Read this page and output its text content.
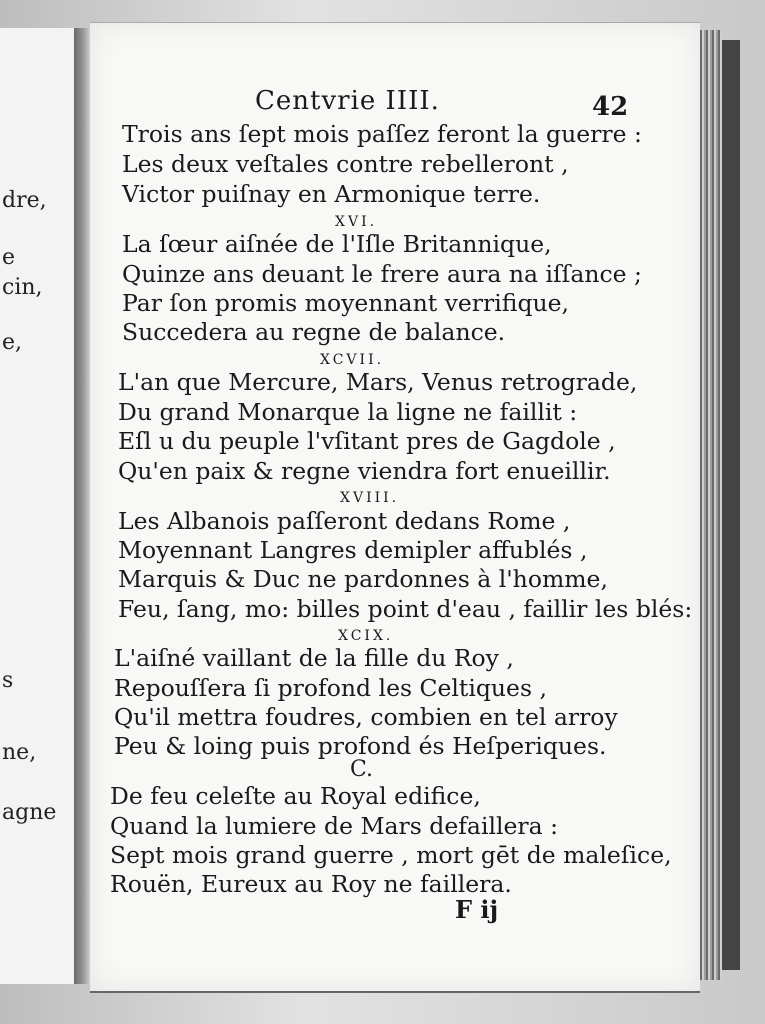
dre,
e
cin,
e,
s
ne,
agne
Centvrie IIII.	42
Trois ans ſept mois paſſez feront la guerre :
Les deux veſtales contre rebelleront ,
Victor puiſnay en Armonique terre.
XVI.
La ſœur aiſnée de l'Iſle Britannique,
Quinze ans deuant le frere aura na iſſance ;
Par ſon promis moyennant verrifique,
Succedera au regne de balance.
XCVII.
L'an que Mercure, Mars, Venus retrograde,
Du grand Monarque la ligne ne faillit :
Eſl u du peuple l'vſitant pres de Gagdole ,
Qu'en paix & regne viendra fort enueillir.
XVIII.
Les Albanois paſſeront dedans Rome ,
Moyennant Langres demipler affublés ,
Marquis & Duc ne pardonnes à l'homme,
Feu, ſang, mo: billes point d'eau , faillir les blés:
XCIX.
L'aiſné vaillant de la fille du Roy ,
Repouſſera ſi profond les Celtiques ,
Qu'il mettra foudres, combien en tel arroy
Peu & loing puis profond és Heſperiques.
C.
De feu celeſte au Royal edifice,
Quand la lumiere de Mars defaillera :
Sept mois grand guerre , mort gēt de maleſice,
Rouën, Eureux au Roy ne faillera.
F ij
